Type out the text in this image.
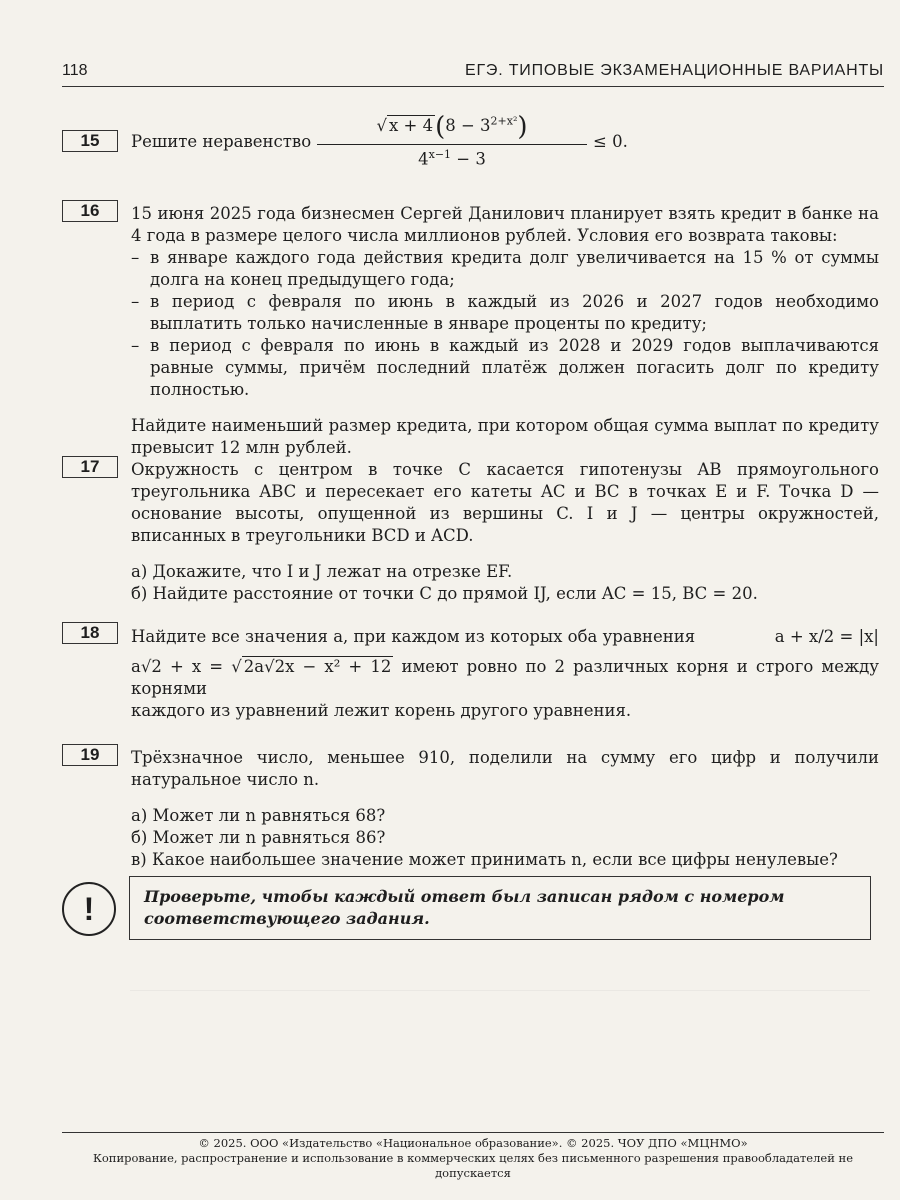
118	ЕГЭ. ТИПОВЫЕ ЭКЗАМЕНАЦИОННЫЕ ВАРИАНТЫ
15	Решите неравенство
√ $x + 4(8 - 3^{2+x^2})$
$4^{x-1} - 3$
≤ 0.
16	15 июня 2025 года бизнесмен Сергей Данилович планирует взять кредит в банке на 4 года в размере целого числа миллионов рублей. Условия его возврата таковы:

– в январе каждого года действия кредита долг увеличивается на 15 % от суммы долга на конец предыдущего года;
– в период с февраля по июнь в каждый из 2026 и 2027 годов необходимо выплатить только начисленные в январе проценты по кредиту;
– в период с февраля по июнь в каждый из 2028 и 2029 годов выплачиваются равные суммы, причём последний платёж должен погасить долг по кредиту полностью.

Найдите наименьший размер кредита, при котором общая сумма выплат по кредиту превысит 12 млн рублей.

17	Окружность с центром в точке C касается гипотенузы AB прямоугольного треугольника ABC и пересекает его катеты AC и BC в точках E и F. Точка D — основание высоты, опущенной из вершины C. I и J — центры окружностей, вписанных в треугольники BCD и ACD.

а) Докажите, что I и J лежат на отрезке EF.

б) Найдите расстояние от точки C до прямой IJ, если AC = 15, BC = 20.

18	Найдите все значения a, при каждом из которых оба уравнения	a + x/2 = |x|

a√2 + x = √ 2a√2x − x² + 12 имеют ровно по 2 различных корня и строго между корнями

каждого из уравнений лежит корень другого уравнения.

19	Трёхзначное число, меньшее 910, поделили на сумму его цифр и получили натуральное число n.

а) Может ли n равняться 68?

б) Может ли n равняться 86?

в) Какое наибольшее значение может принимать n, если все цифры ненулевые?

!	Проверьте, чтобы каждый ответ был записан рядом с номером соответствующего задания.
© 2025. ООО «Издательство «Национальное образование». © 2025. ЧОУ ДПО «МЦНМО»
Копирование, распространение и использование в коммерческих целях без письменного разрешения правообладателей не допускается
